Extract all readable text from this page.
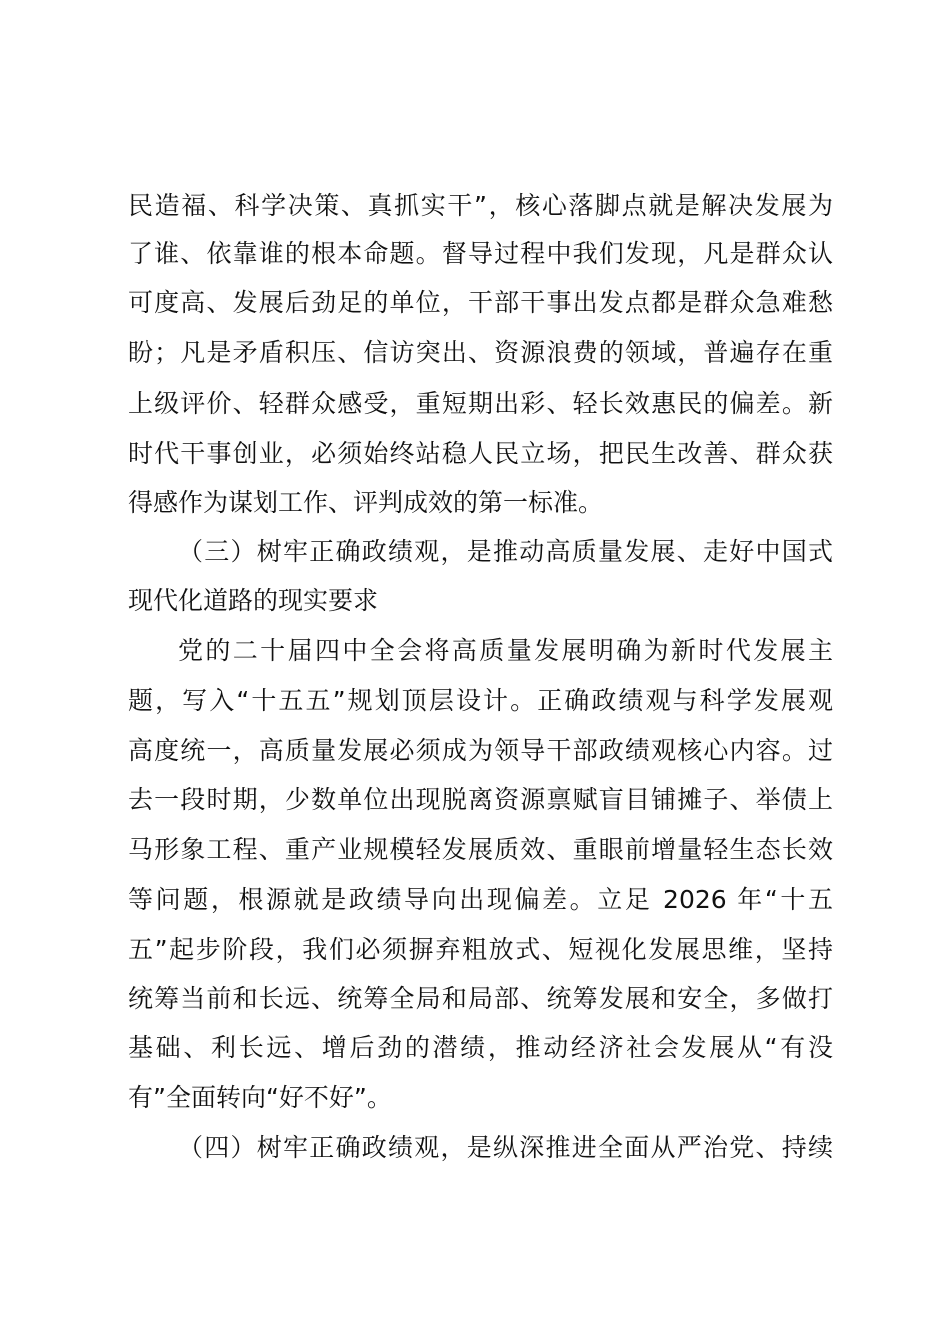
民造福、科学决策、真抓实干”，核心落脚点就是解决发展为
了谁、依靠谁的根本命题。督导过程中我们发现，凡是群众认
可度高、发展后劲足的单位，干部干事出发点都是群众急难愁
盼；凡是矛盾积压、信访突出、资源浪费的领域，普遍存在重
上级评价、轻群众感受，重短期出彩、轻长效惠民的偏差。新
时代干事创业，必须始终站稳人民立场，把民生改善、群众获
得感作为谋划工作、评判成效的第一标准。
（三）树牢正确政绩观，是推动高质量发展、走好中国式
现代化道路的现实要求
党的二十届四中全会将高质量发展明确为新时代发展主
题，写入“十五五”规划顶层设计。正确政绩观与科学发展观
高度统一，高质量发展必须成为领导干部政绩观核心内容。过
去一段时期，少数单位出现脱离资源禀赋盲目铺摊子、举债上
马形象工程、重产业规模轻发展质效、重眼前增量轻生态长效
等问题，根源就是政绩导向出现偏差。立足 2026 年“十五
五”起步阶段，我们必须摒弃粗放式、短视化发展思维，坚持
统筹当前和长远、统筹全局和局部、统筹发展和安全，多做打
基础、利长远、增后劲的潜绩，推动经济社会发展从“有没
有”全面转向“好不好”。
（四）树牢正确政绩观，是纵深推进全面从严治党、持续
